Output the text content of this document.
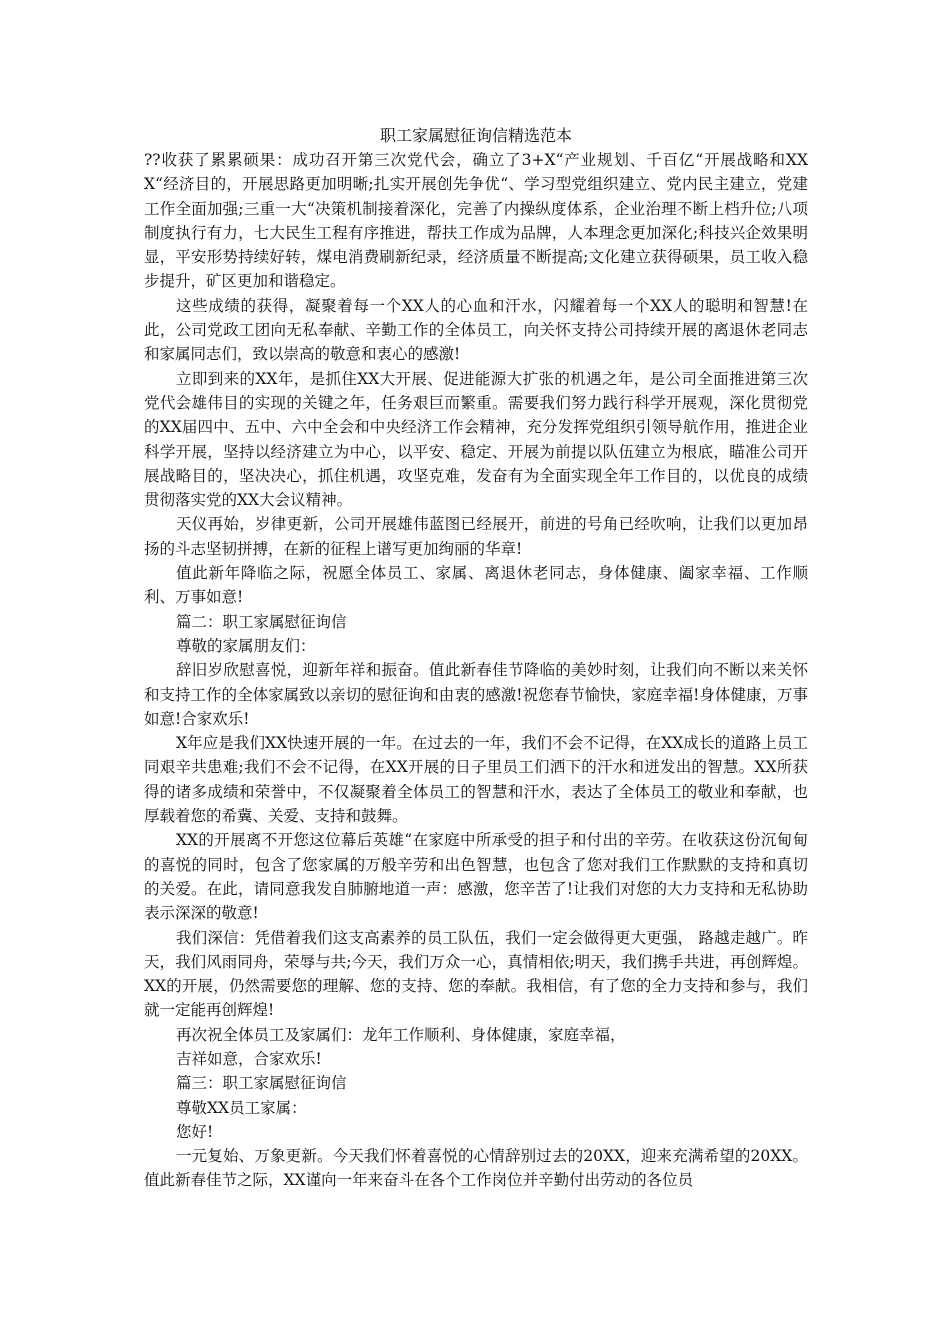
职工家属慰征询信精选范本

??收获了累累硕果：成功召开第三次党代会，确立了3+X“产业规划、千百亿“开展战略和XXX“经济目的，开展思路更加明晰;扎实开展创先争优“、学习型党组织建立、党内民主建立，党建工作全面加强;三重一大“决策机制接着深化，完善了内操纵度体系，企业治理不断上档升位;八项制度执行有力，七大民生工程有序推进，帮扶工作成为品牌，人本理念更加深化;科技兴企效果明显，平安形势持续好转，煤电消费刷新纪录，经济质量不断提高;文化建立获得硕果，员工收入稳步提升，矿区更加和谐稳定。

这些成绩的获得，凝聚着每一个XX人的心血和汗水，闪耀着每一个XX人的聪明和智慧!在此，公司党政工团向无私奉献、辛勤工作的全体员工，向关怀支持公司持续开展的离退休老同志和家属同志们，致以崇高的敬意和衷心的感激!

立即到来的XX年，是抓住XX大开展、促进能源大扩张的机遇之年，是公司全面推进第三次党代会雄伟目的实现的关键之年，任务艰巨而繁重。需要我们努力践行科学开展观，深化贯彻党的XX届四中、五中、六中全会和中央经济工作会精神，充分发挥党组织引领导航作用，推进企业科学开展，坚持以经济建立为中心，以平安、稳定、开展为前提以队伍建立为根底，瞄准公司开展战略目的，坚决决心，抓住机遇，攻坚克难，发奋有为全面实现全年工作目的，以优良的成绩贯彻落实党的XX大会议精神。

天仪再始，岁律更新，公司开展雄伟蓝图已经展开，前进的号角已经吹响，让我们以更加昂扬的斗志坚韧拼搏，在新的征程上谱写更加绚丽的华章!

值此新年降临之际，祝愿全体员工、家属、离退休老同志，身体健康、阖家幸福、工作顺利、万事如意!

篇二：职工家属慰征询信

尊敬的家属朋友们：

辞旧岁欣慰喜悦，迎新年祥和振奋。值此新春佳节降临的美妙时刻，让我们向不断以来关怀和支持工作的全体家属致以亲切的慰征询和由衷的感激!祝您春节愉快，家庭幸福!身体健康，万事如意!合家欢乐!

X年应是我们XX快速开展的一年。在过去的一年，我们不会不记得，在XX成长的道路上员工同艰辛共患难;我们不会不记得，在XX开展的日子里员工们洒下的汗水和迸发出的智慧。XX所获得的诸多成绩和荣誉中，不仅凝聚着全体员工的智慧和汗水，表达了全体员工的敬业和奉献，也厚载着您的希冀、关爱、支持和鼓舞。

XX的开展离不开您这位幕后英雄“在家庭中所承受的担子和付出的辛劳。在收获这份沉甸甸的喜悦的同时，包含了您家属的万般辛劳和出色智慧，也包含了您对我们工作默默的支持和真切的关爱。在此，请同意我发自肺腑地道一声：感激，您辛苦了!让我们对您的大力支持和无私协助表示深深的敬意!

我们深信：凭借着我们这支高素养的员工队伍，我们一定会做得更大更强， 路越走越广。昨天，我们风雨同舟，荣辱与共;今天，我们万众一心，真情相依;明天，我们携手共进，再创辉煌。XX的开展，仍然需要您的理解、您的支持、您的奉献。我相信，有了您的全力支持和参与，我们就一定能再创辉煌!

再次祝全体员工及家属们：龙年工作顺利、身体健康，家庭幸福，

吉祥如意，合家欢乐!

篇三：职工家属慰征询信

尊敬XX员工家属：

您好!

一元复始、万象更新。今天我们怀着喜悦的心情辞别过去的20XX，迎来充满希望的20XX。值此新春佳节之际，XX谨向一年来奋斗在各个工作岗位并辛勤付出劳动的各位员
